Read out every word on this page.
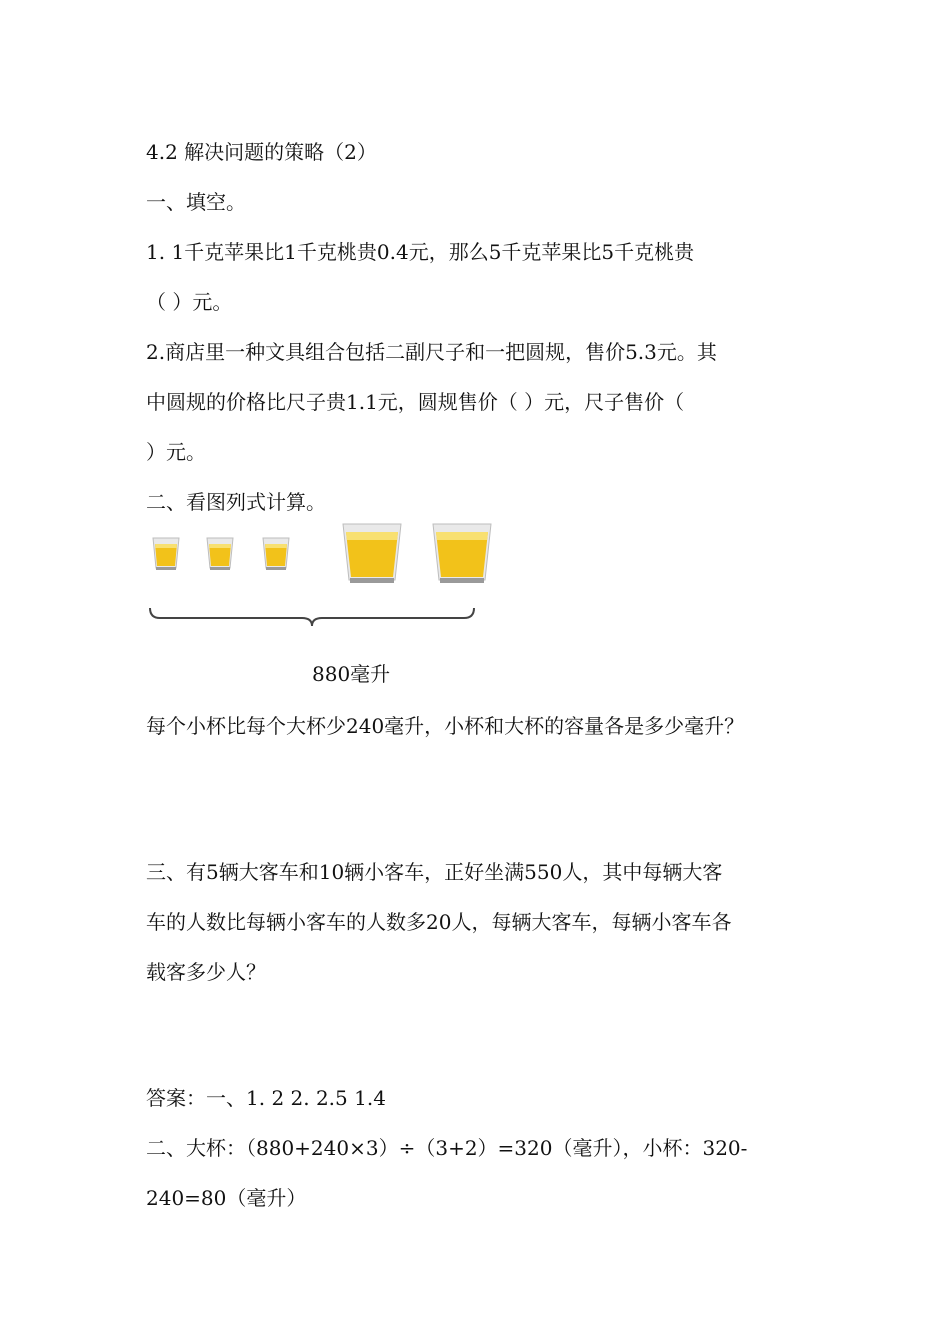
4.2 解决问题的策略（2）
一、填空。
1. 1千克苹果比1千克桃贵0.4元，那么5千克苹果比5千克桃贵
（ ）元。
2.商店里一种文具组合包括二副尺子和一把圆规，售价5.3元。其
中圆规的价格比尺子贵1.1元，圆规售价（ ）元，尺子售价（
）元。
二、看图列式计算。
880毫升
每个小杯比每个大杯少240毫升，小杯和大杯的容量各是多少毫升？
三、有5辆大客车和10辆小客车，正好坐满550人，其中每辆大客
车的人数比每辆小客车的人数多20人，每辆大客车，每辆小客车各
载客多少人？
答案：一、1. 2 2. 2.5 1.4
二、大杯：（880+240×3）÷（3+2）=320（毫升），小杯：320-
240=80（毫升）
